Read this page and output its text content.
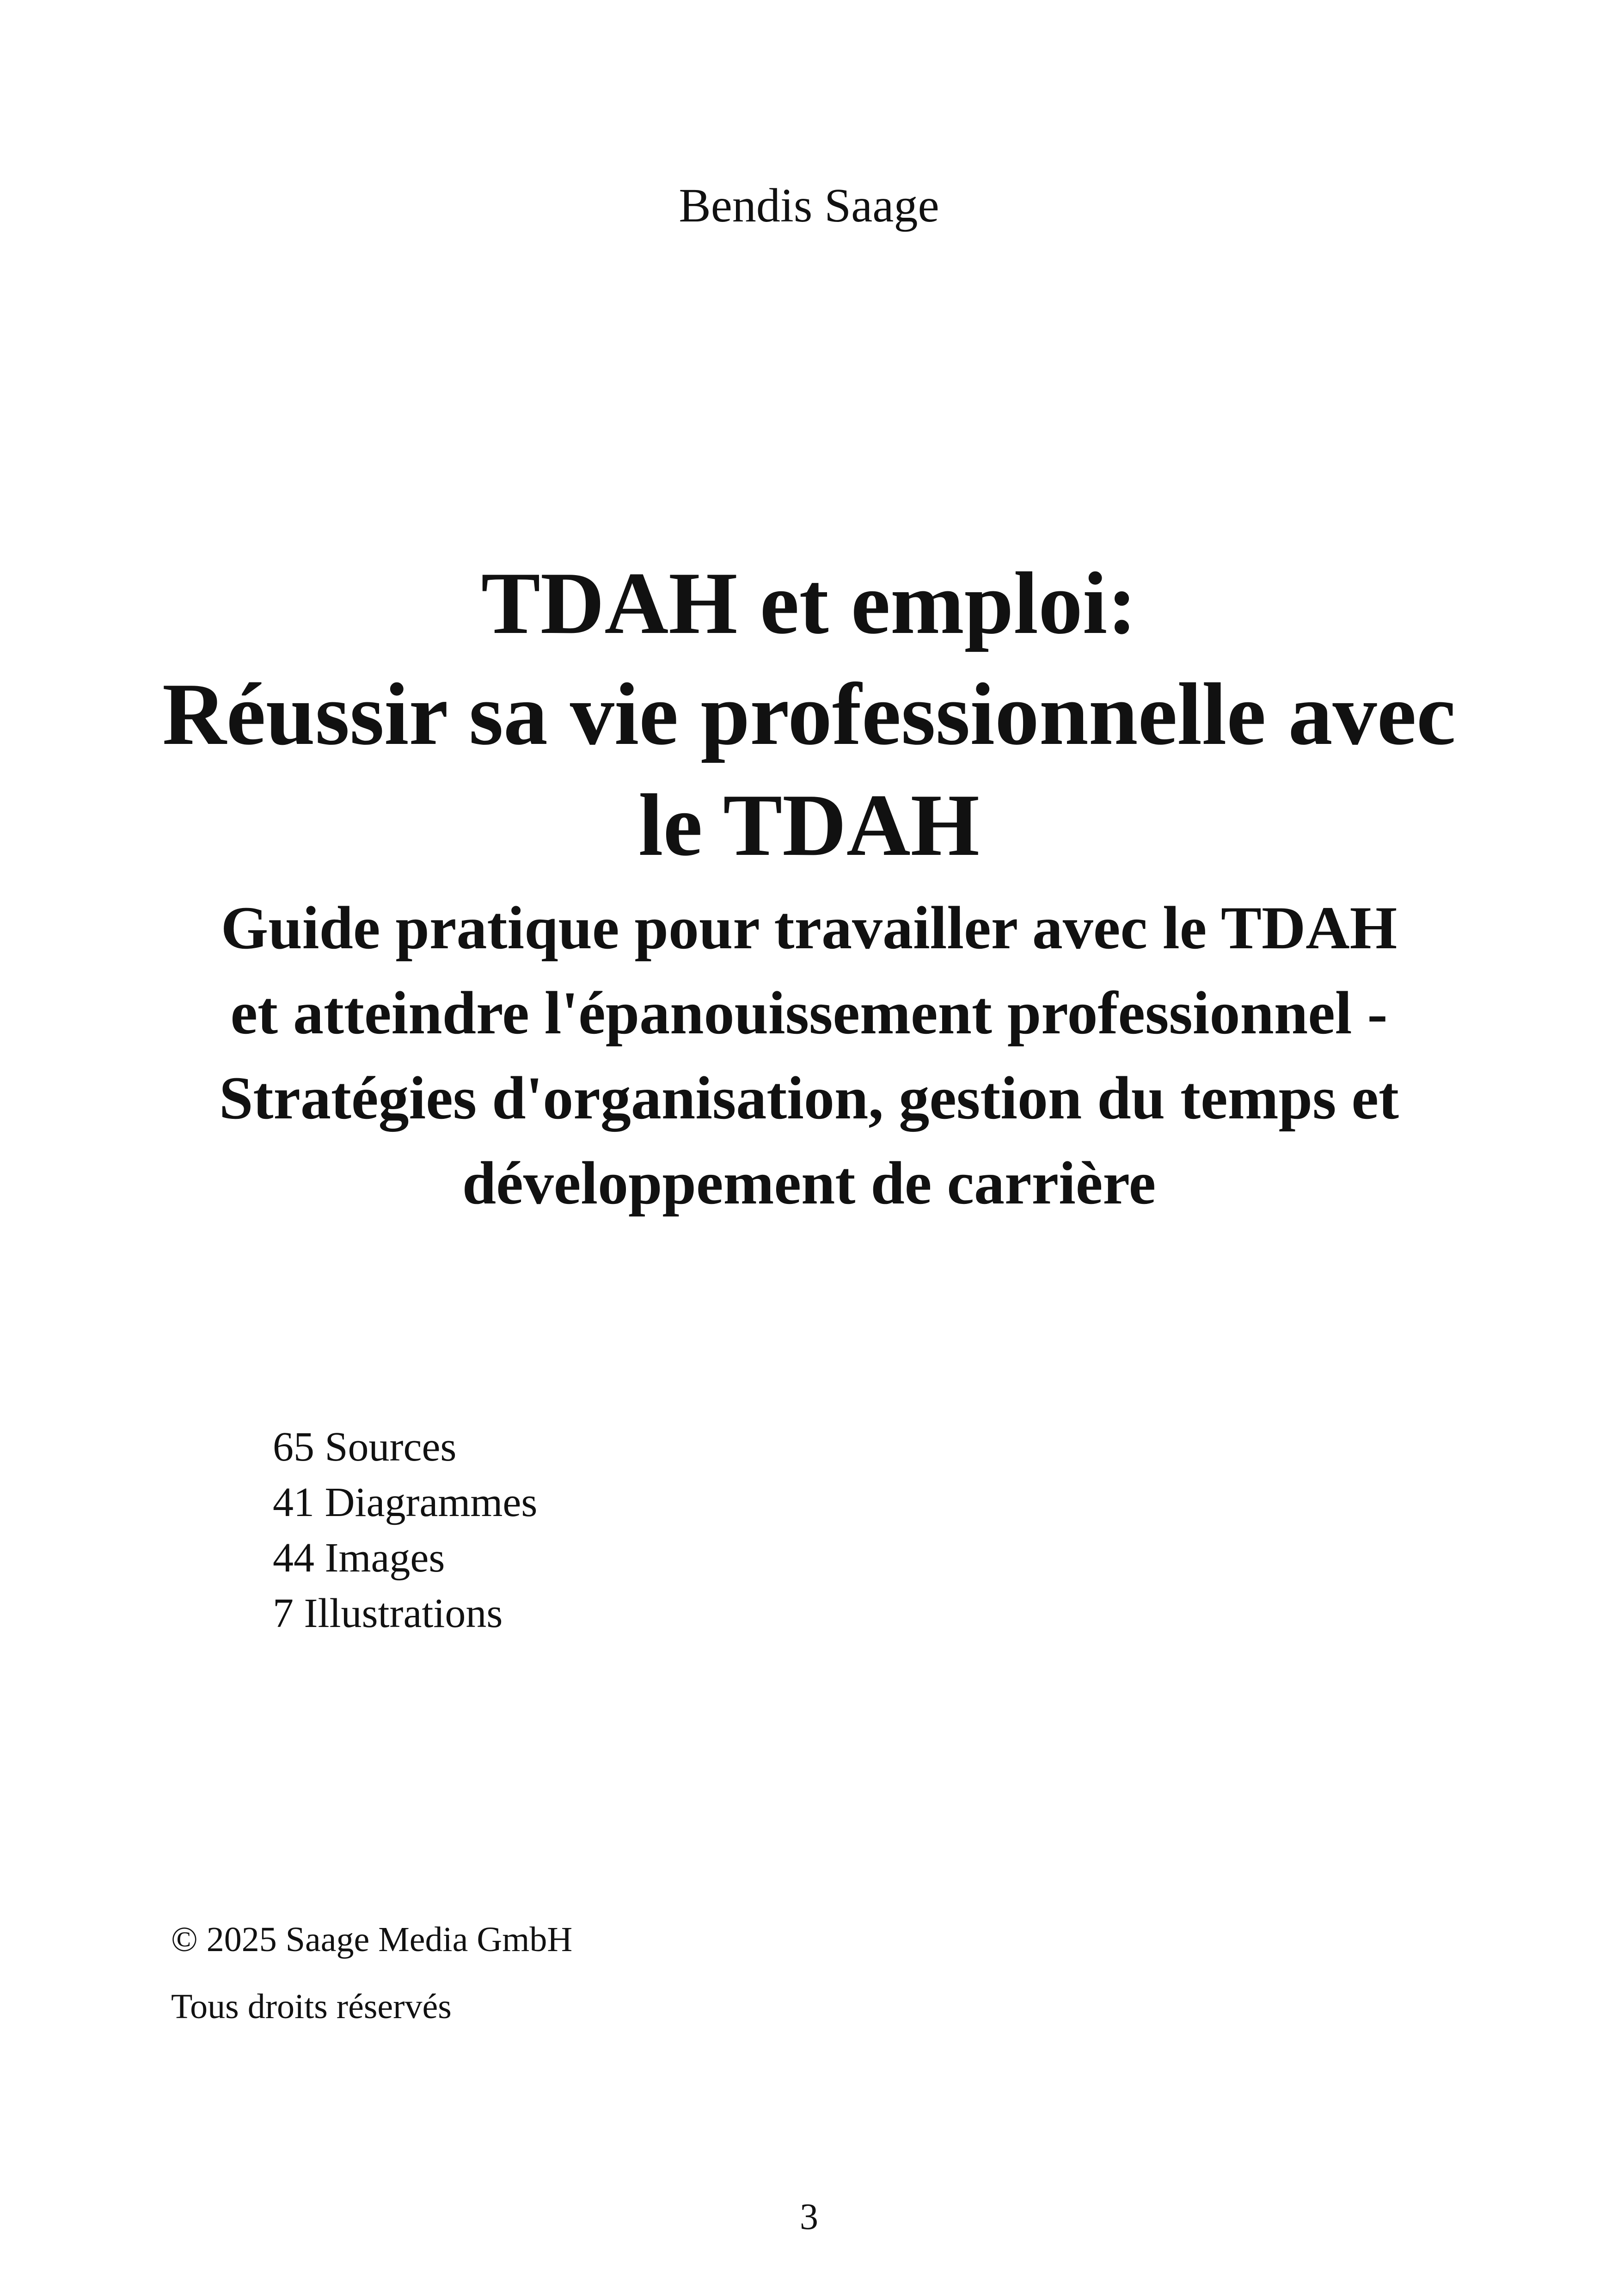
Bendis Saage
TDAH et emploi:
Réussir sa vie professionnelle avec
le TDAH
Guide pratique pour travailler avec le TDAH
et atteindre l'épanouissement professionnel -
Stratégies d'organisation, gestion du temps et
développement de carrière
65 Sources
41 Diagrammes
44 Images
7 Illustrations
© 2025 Saage Media GmbH
Tous droits réservés
3
